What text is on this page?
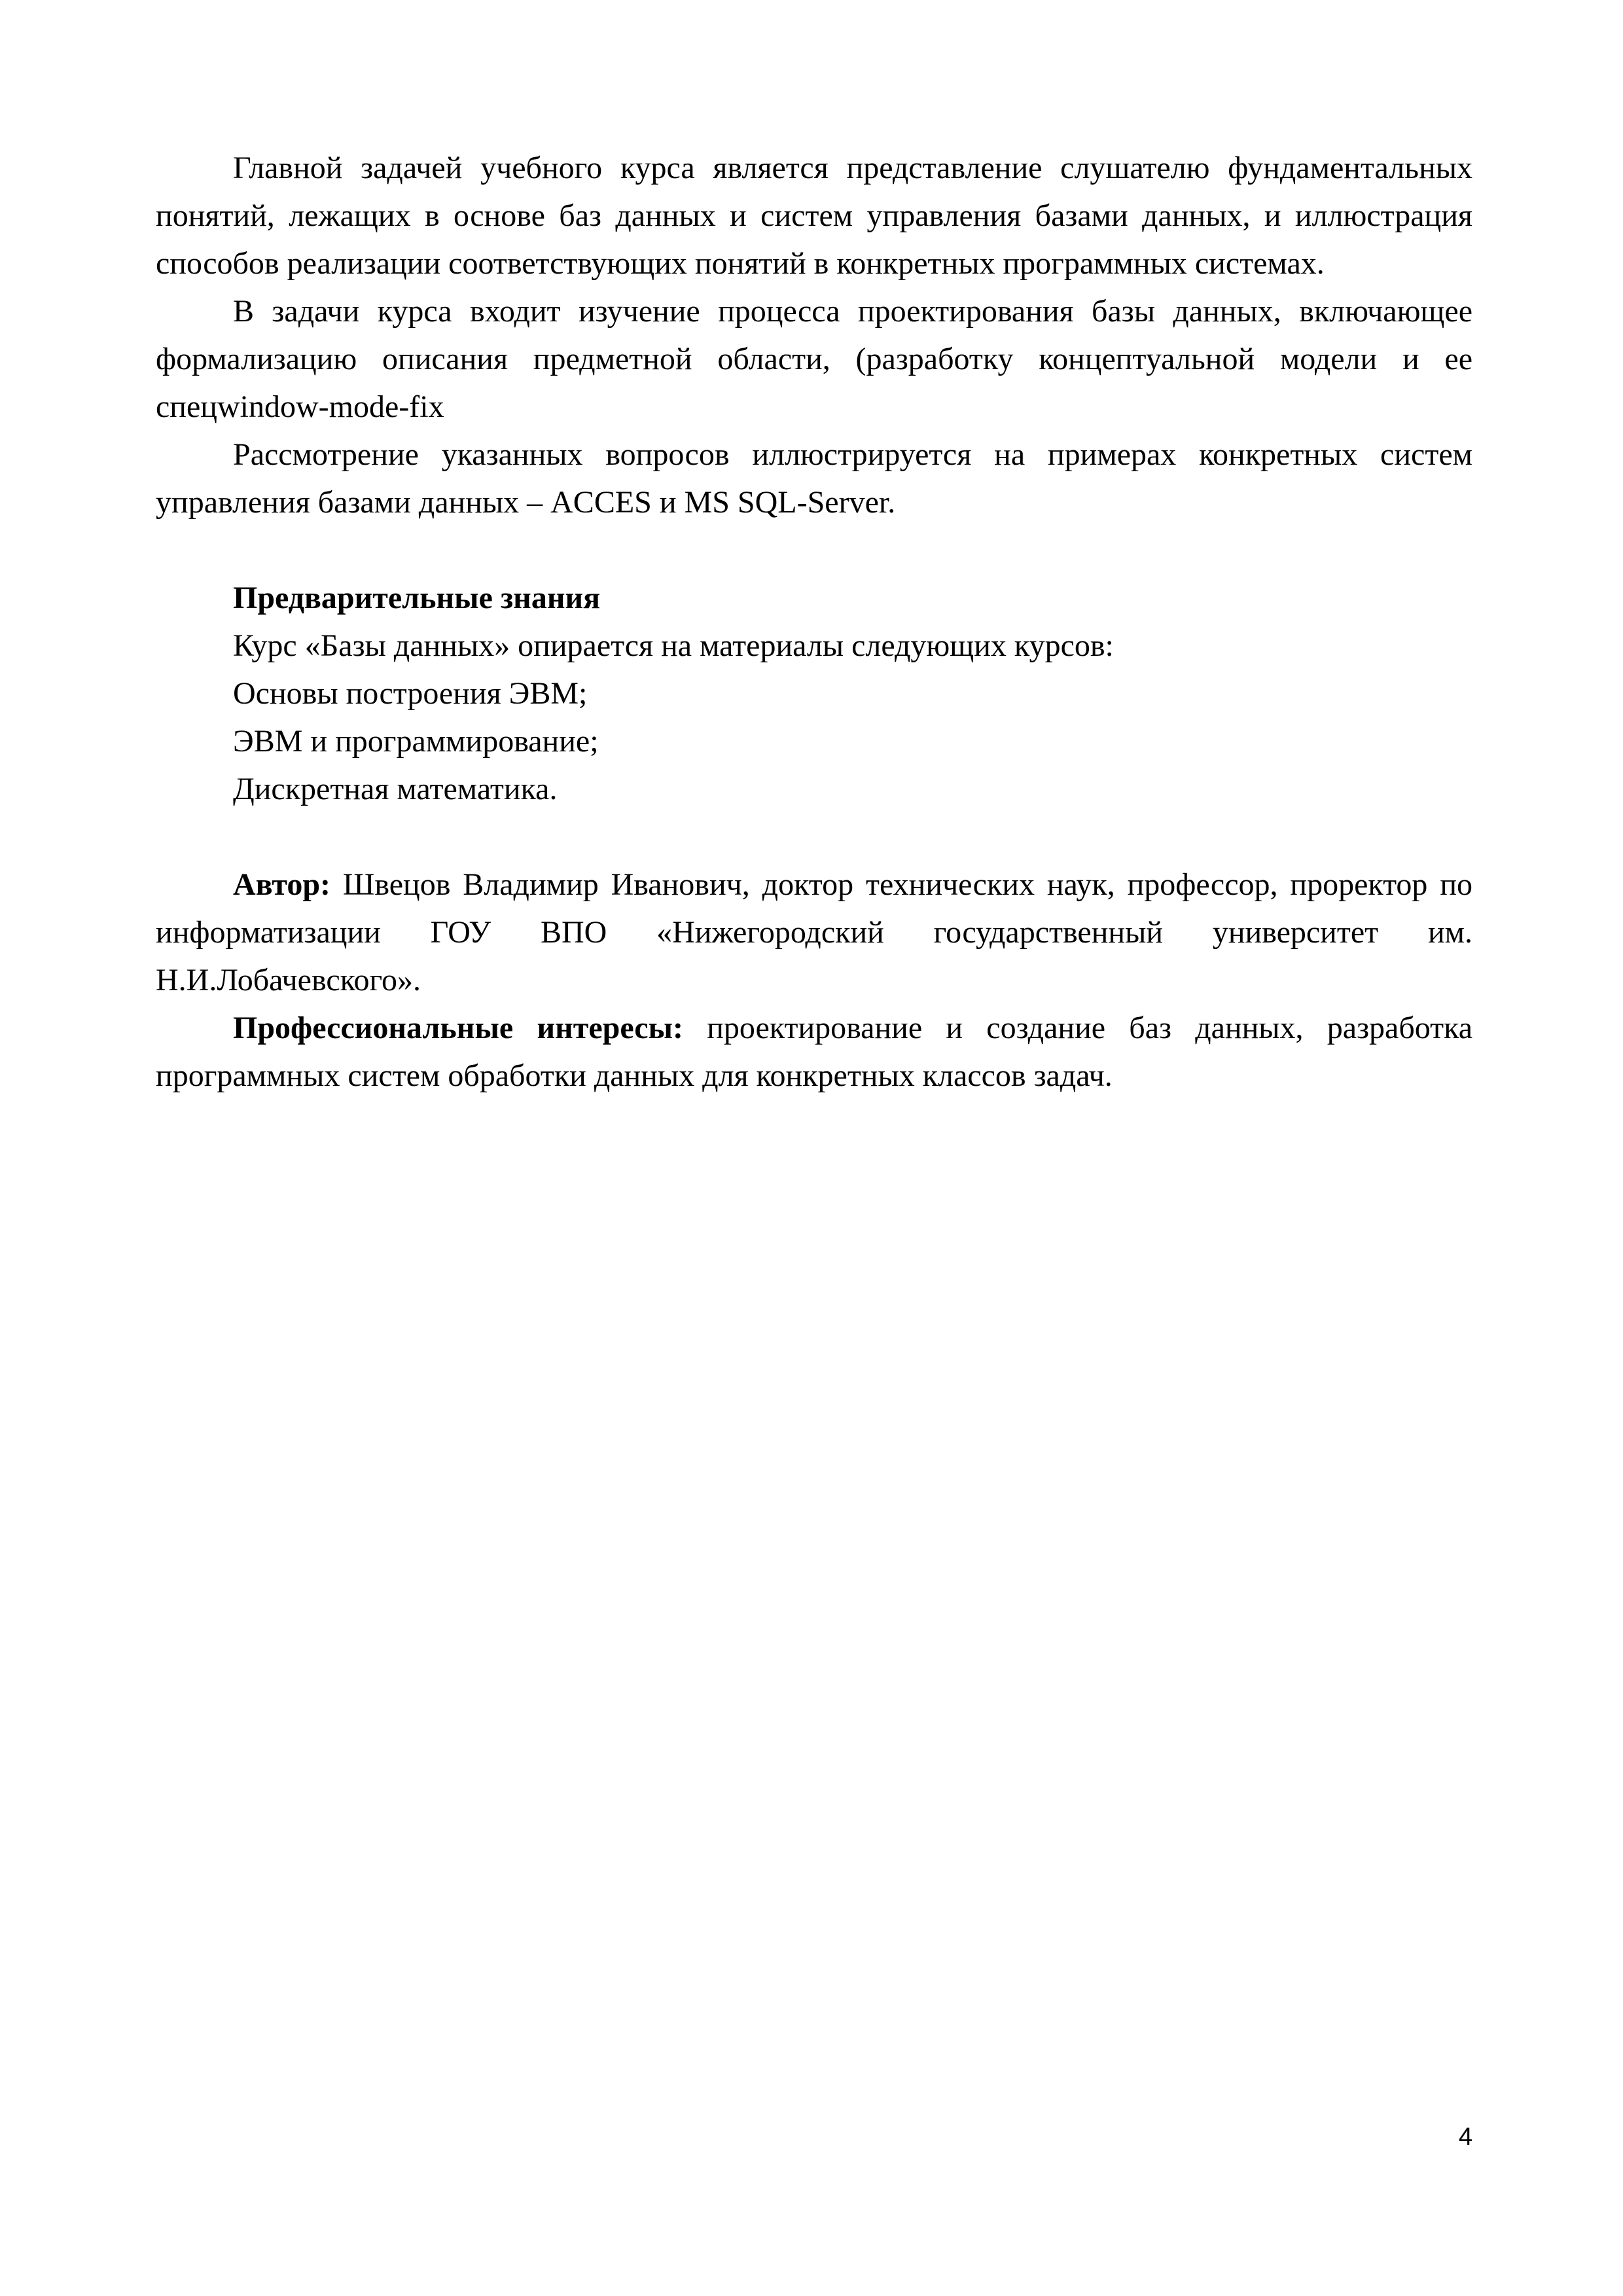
Главной задачей учебного курса является представление слушателю фундаментальных понятий, лежащих в основе баз данных и систем управления базами данных, и иллюстрация способов реализации соответствующих понятий в конкретных программных системах.

В задачи курса входит изучение процесса проектирования базы данных, включающее формализацию описания предметной области, (разработку концептуальной модели и ее спецwindow-mode-fix

Рассмотрение указанных вопросов иллюстрируется на примерах конкретных систем управления базами данных – ACCES и MS SQL-Server.

Предварительные знания

Курс «Базы данных» опирается на материалы следующих курсов:

Основы построения ЭВМ;

ЭВМ и программирование;

Дискретная математика.

Автор: Швецов Владимир Иванович, доктор технических наук, профессор, проректор по информатизации ГОУ ВПО «Нижегородский государственный университет им. Н.И.Лобачевского».

Профессиональные интересы: проектирование и создание баз данных, разработка программных систем обработки данных для конкретных классов задач.

4
